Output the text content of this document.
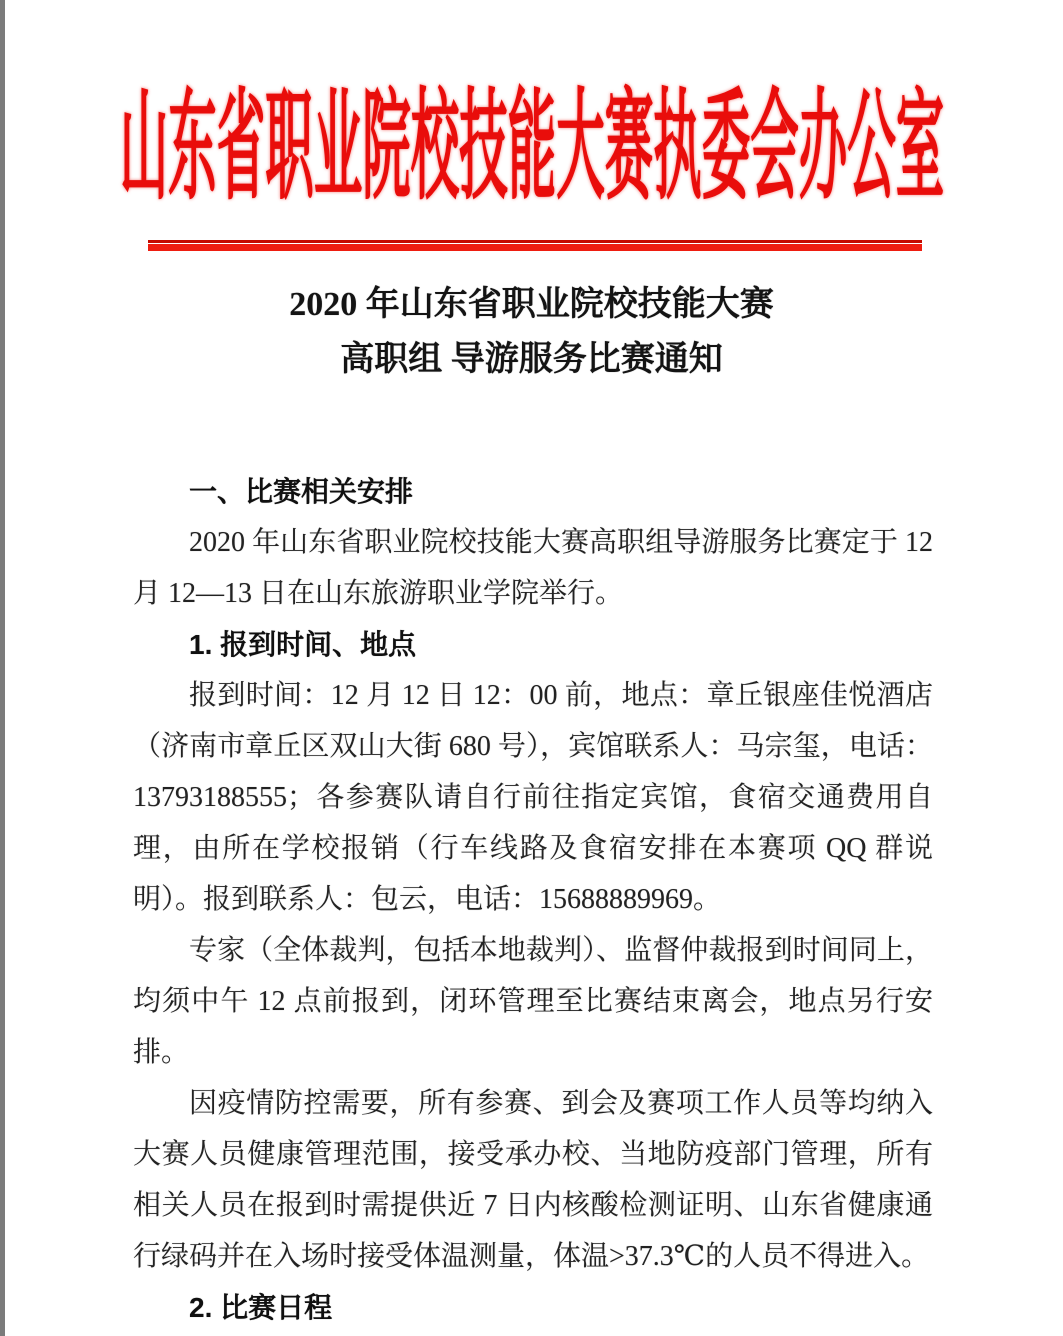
山东省职业院校技能大赛执委会办公室
2020 年山东省职业院校技能大赛
高职组 导游服务比赛通知
一、比赛相关安排

2020 年山东省职业院校技能大赛高职组导游服务比赛定于 12 月 12—13 日在山东旅游职业学院举行。

1. 报到时间、地点

报到时间：12 月 12 日 12：00 前，地点：章丘银座佳悦酒店（济南市章丘区双山大街 680 号），宾馆联系人：马宗玺，电话：13793188555；各参赛队请自行前往指定宾馆，食宿交通费用自理，由所在学校报销（行车线路及食宿安排在本赛项 QQ 群说明）。报到联系人：包云，电话：15688889969。

专家（全体裁判，包括本地裁判）、监督仲裁报到时间同上，均须中午 12 点前报到，闭环管理至比赛结束离会，地点另行安排。

因疫情防控需要，所有参赛、到会及赛项工作人员等均纳入大赛人员健康管理范围，接受承办校、当地防疫部门管理，所有相关人员在报到时需提供近 7 日内核酸检测证明、山东省健康通行绿码并在入场时接受体温测量，体温>37.3℃的人员不得进入。

2. 比赛日程
